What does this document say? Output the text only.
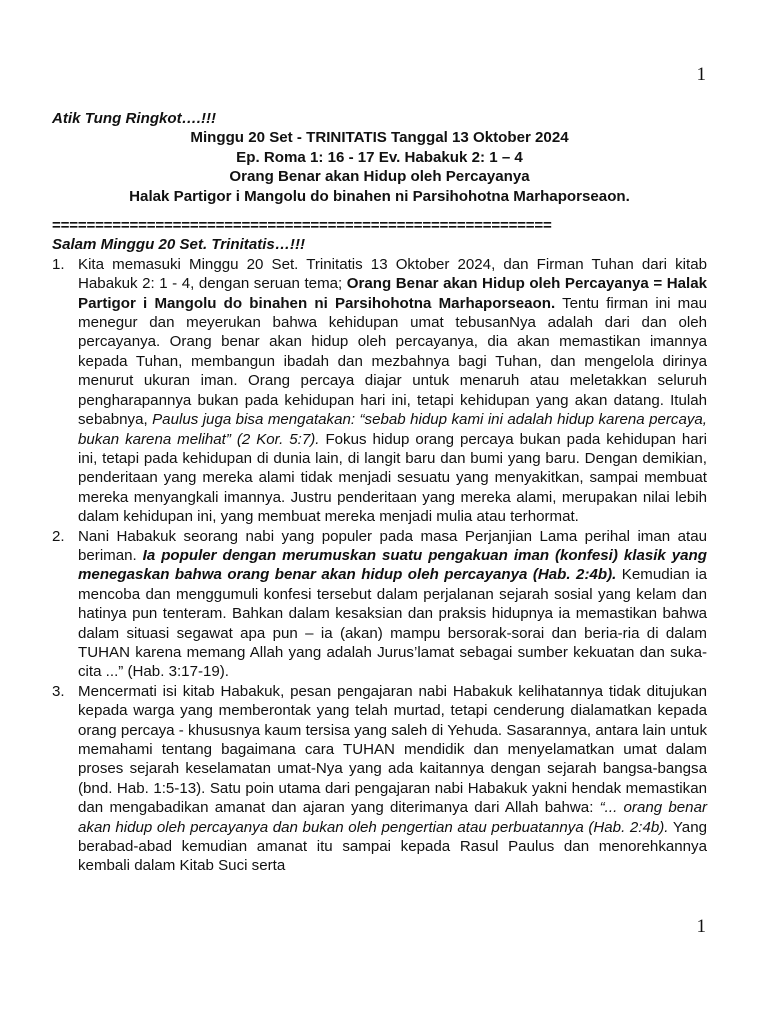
1

Atik Tung Ringkot….!!!

Minggu 20 Set - TRINITATIS Tanggal 13 Oktober 2024

Ep. Roma 1: 16 - 17 Ev. Habakuk 2: 1 – 4

Orang Benar akan Hidup oleh Percayanya

Halak Partigor i Mangolu do binahen ni Parsihohotna Marhaporseaon.

==========================================================

Salam Minggu 20 Set. Trinitatis…!!!

1. Kita memasuki Minggu 20 Set. Trinitatis 13 Oktober 2024, dan Firman Tuhan dari kitab Habakuk 2: 1 - 4, dengan seruan tema; Orang Benar akan Hidup oleh Percayanya = Halak Partigor i Mangolu do binahen ni Parsihohotna Marhaporseaon. Tentu firman ini mau menegur dan meyerukan bahwa kehidupan umat tebusanNya adalah dari dan oleh percayanya. Orang benar akan hidup oleh percayanya, dia akan memastikan imannya kepada Tuhan, membangun ibadah dan mezbahnya bagi Tuhan, dan mengelola dirinya menurut ukuran iman. Orang percaya diajar untuk menaruh atau meletakkan seluruh pengharapannya bukan pada kehidupan hari ini, tetapi kehidupan yang akan datang. Itulah sebabnya, Paulus juga bisa mengatakan: “sebab hidup kami ini adalah hidup karena percaya, bukan karena melihat” (2 Kor. 5:7). Fokus hidup orang percaya bukan pada kehidupan hari ini, tetapi pada kehidupan di dunia lain, di langit baru dan bumi yang baru. Dengan demikian, penderitaan yang mereka alami tidak menjadi sesuatu yang menyakitkan, sampai membuat mereka menyangkali imannya. Justru penderitaan yang mereka alami, merupakan nilai lebih dalam kehidupan ini, yang membuat mereka menjadi mulia atau terhormat.
2. Nani Habakuk seorang nabi yang populer pada masa Perjanjian Lama perihal iman atau beriman. Ia populer dengan merumuskan suatu pengakuan iman (konfesi) klasik yang menegaskan bahwa orang benar akan hidup oleh percayanya (Hab. 2:4b). Kemudian ia mencoba dan menggumuli konfesi tersebut dalam perjalanan sejarah sosial yang kelam dan hatinya pun tenteram. Bahkan dalam kesaksian dan praksis hidupnya ia memastikan bahwa dalam situasi segawat apa pun – ia (akan) mampu bersorak-sorai dan beria-ria di dalam TUHAN karena memang Allah yang adalah Jurus’lamat sebagai sumber kekuatan dan suka-cita ...” (Hab. 3:17-19).
3. Mencermati isi kitab Habakuk, pesan pengajaran nabi Habakuk kelihatannya tidak ditujukan kepada warga yang memberontak yang telah murtad, tetapi cenderung dialamatkan kepada orang percaya - khususnya kaum tersisa yang saleh di Yehuda. Sasarannya, antara lain untuk memahami tentang bagaimana cara TUHAN mendidik dan menyelamatkan umat dalam proses sejarah keselamatan umat-Nya yang ada kaitannya dengan sejarah bangsa-bangsa (bnd. Hab. 1:5-13). Satu poin utama dari pengajaran nabi Habakuk yakni hendak memastikan dan mengabadikan amanat dan ajaran yang diterimanya dari Allah bahwa: “... orang benar akan hidup oleh percayanya dan bukan oleh pengertian atau perbuatannya (Hab. 2:4b). Yang berabad-abad kemudian amanat itu sampai kepada Rasul Paulus dan menorehkannya kembali dalam Kitab Suci serta
1
